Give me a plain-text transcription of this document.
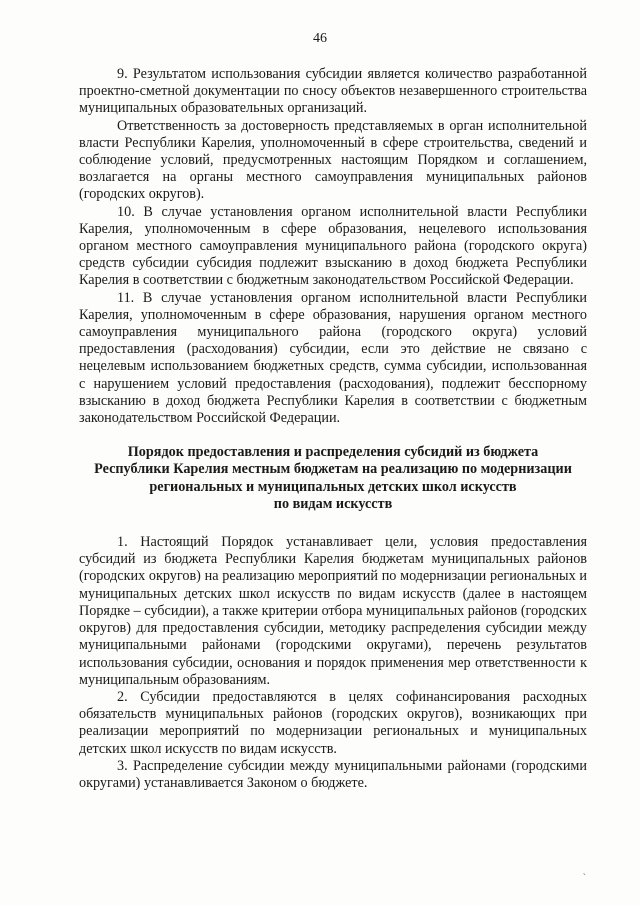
46

9. Результатом использования субсидии является количество разработанной проектно-сметной документации по сносу объектов незавершенного строительства муниципальных образовательных организаций.

Ответственность за достоверность представляемых в орган исполнительной власти Республики Карелия, уполномоченный в сфере строительства, сведений и соблюдение условий, предусмотренных настоящим Порядком и соглашением, возлагается на органы местного самоуправления муниципальных районов (городских округов).

10. В случае установления органом исполнительной власти Республики Карелия, уполномоченным в сфере образования, нецелевого использования органом местного самоуправления муниципального района (городского округа) средств субсидии субсидия подлежит взысканию в доход бюджета Республики Карелия в соответствии с бюджетным законодательством Российской Федерации.

11. В случае установления органом исполнительной власти Республики Карелия, уполномоченным в сфере образования, нарушения органом местного самоуправления муниципального района (городского округа) условий предоставления (расходования) субсидии, если это действие не связано с нецелевым использованием бюджетных средств, сумма субсидии, использованная с нарушением условий предоставления (расходования), подлежит бесспорному взысканию в доход бюджета Республики Карелия в соответствии с бюджетным законодательством Российской Федерации.

Порядок предоставления и распределения субсидий из бюджета
Республики Карелия местным бюджетам на реализацию по модернизации
региональных и муниципальных детских школ искусств
по видам искусств

1. Настоящий Порядок устанавливает цели, условия предоставления субсидий из бюджета Республики Карелия бюджетам муниципальных районов (городских округов) на реализацию мероприятий по модернизации региональных и муниципальных детских школ искусств по видам искусств (далее в настоящем Порядке – субсидии), а также критерии отбора муниципальных районов (городских округов) для предоставления субсидии, методику распределения субсидии между муниципальными районами (городскими округами), перечень результатов использования субсидии, основания и порядок применения мер ответственности к муниципальным образованиям.

2. Субсидии предоставляются в целях софинансирования расходных обязательств муниципальных районов (городских округов), возникающих при реализации мероприятий по модернизации региональных и муниципальных детских школ искусств по видам искусств.

3. Распределение субсидии между муниципальными районами (городскими округами) устанавливается Законом о бюджете.

`
